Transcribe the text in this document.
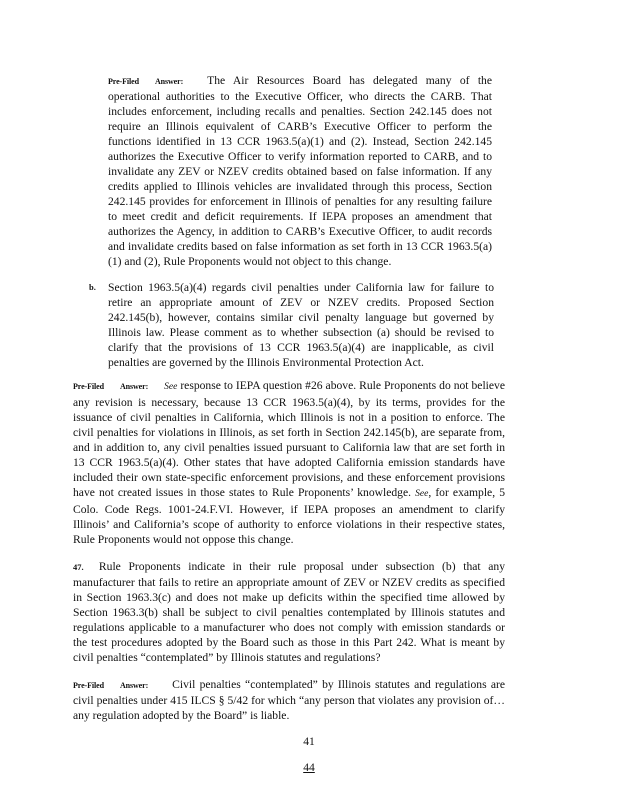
Pre-Filed Answer: The Air Resources Board has delegated many of the operational authorities to the Executive Officer, who directs the CARB. That includes enforcement, including recalls and penalties. Section 242.145 does not require an Illinois equivalent of CARB’s Executive Officer to perform the functions identified in 13 CCR 1963.5(a)(1) and (2). Instead, Section 242.145 authorizes the Executive Officer to verify information reported to CARB, and to invalidate any ZEV or NZEV credits obtained based on false information. If any credits applied to Illinois vehicles are invalidated through this process, Section 242.145 provides for enforcement in Illinois of penalties for any resulting failure to meet credit and deficit requirements. If IEPA proposes an amendment that authorizes the Agency, in addition to CARB’s Executive Officer, to audit records and invalidate credits based on false information as set forth in 13 CCR 1963.5(a)(1) and (2), Rule Proponents would not object to this change.
b. Section 1963.5(a)(4) regards civil penalties under California law for failure to retire an appropriate amount of ZEV or NZEV credits. Proposed Section 242.145(b), however, contains similar civil penalty language but governed by Illinois law. Please comment as to whether subsection (a) should be revised to clarify that the provisions of 13 CCR 1963.5(a)(4) are inapplicable, as civil penalties are governed by the Illinois Environmental Protection Act.
Pre-Filed Answer: See response to IEPA question #26 above. Rule Proponents do not believe any revision is necessary, because 13 CCR 1963.5(a)(4), by its terms, provides for the issuance of civil penalties in California, which Illinois is not in a position to enforce. The civil penalties for violations in Illinois, as set forth in Section 242.145(b), are separate from, and in addition to, any civil penalties issued pursuant to California law that are set forth in 13 CCR 1963.5(a)(4). Other states that have adopted California emission standards have included their own state-specific enforcement provisions, and these enforcement provisions have not created issues in those states to Rule Proponents’ knowledge. See, for example, 5 Colo. Code Regs. 1001-24.F.VI. However, if IEPA proposes an amendment to clarify Illinois’ and California’s scope of authority to enforce violations in their respective states, Rule Proponents would not oppose this change.
47. Rule Proponents indicate in their rule proposal under subsection (b) that any manufacturer that fails to retire an appropriate amount of ZEV or NZEV credits as specified in Section 1963.3(c) and does not make up deficits within the specified time allowed by Section 1963.3(b) shall be subject to civil penalties contemplated by Illinois statutes and regulations applicable to a manufacturer who does not comply with emission standards or the test procedures adopted by the Board such as those in this Part 242. What is meant by civil penalties “contemplated” by Illinois statutes and regulations?
Pre-Filed Answer: Civil penalties “contemplated” by Illinois statutes and regulations are civil penalties under 415 ILCS § 5/42 for which “any person that violates any provision of…any regulation adopted by the Board” is liable.
41
44
